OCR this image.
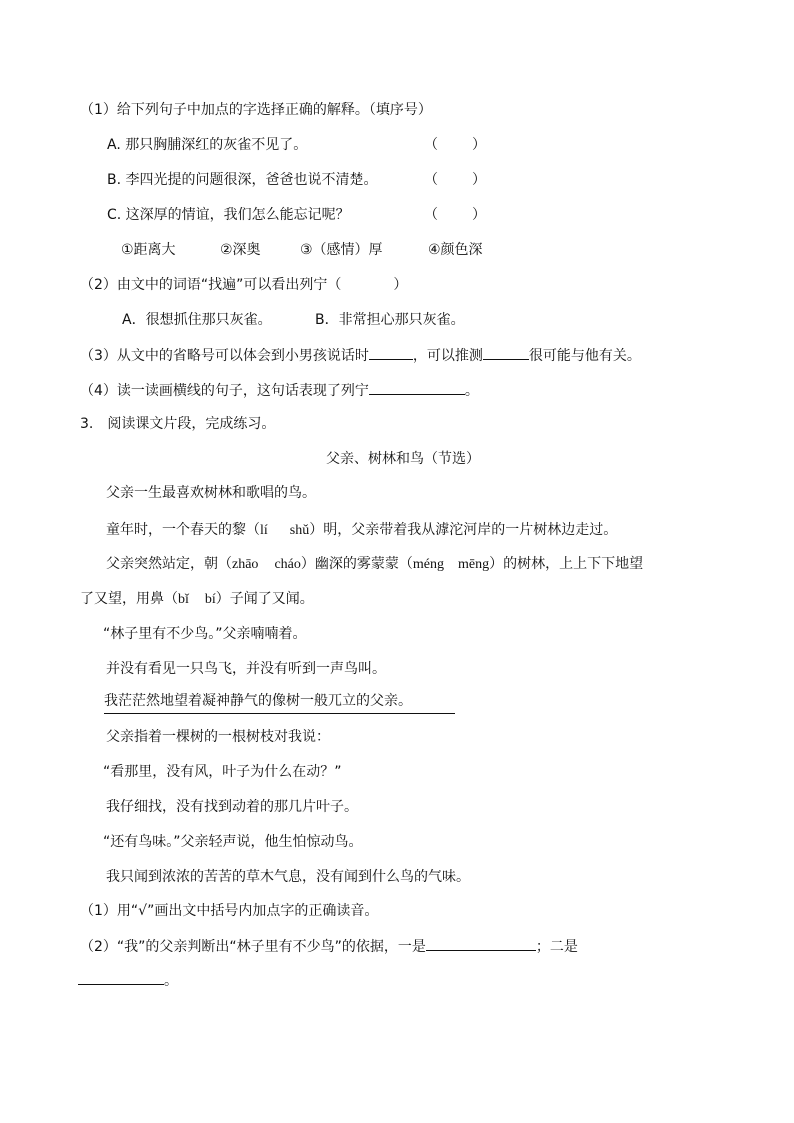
（1）给下列句子中加点的字选择正确的解释。（填序号）
A. 那只胸脯深红的灰雀不见了。	（ ）
B. 李四光提的问题很深，爸爸也说不清楚。	（ ）
C. 这深厚的情谊，我们怎么能忘记呢？	（ ）
①距离大	②深奥	③（感情）厚	④颜色深
（2）由文中的词语“找遍”可以看出列宁（	）
A．很想抓住那只灰雀。	B．非常担心那只灰雀。
（3）从文中的省略号可以体会到小男孩说话时	，可以推测	很可能与他有关。
（4）读一读画横线的句子，这句话表现了列宁	。
3. 阅读课文片段，完成练习。
父亲、树林和鸟（节选）
父亲一生最喜欢树林和歌唱的鸟。
童年时，一个春天的黎（lí shǔ）明，父亲带着我从滹沱河岸的一片树林边走过。
父亲突然站定，朝（zhāo cháo）幽深的雾蒙蒙（méng mēng）的树林，上上下下地望
了又望，用鼻（bǐ bí）子闻了又闻。
“林子里有不少鸟。”父亲喃喃着。
并没有看见一只鸟飞，并没有听到一声鸟叫。
我茫茫然地望着凝神静气的像树一般兀立的父亲。
父亲指着一棵树的一根树枝对我说：
“看那里，没有风，叶子为什么在动？”
我仔细找，没有找到动着的那几片叶子。
“还有鸟味。”父亲轻声说，他生怕惊动鸟。
我只闻到浓浓的苦苦的草木气息，没有闻到什么鸟的气味。
（1）用“√”画出文中括号内加点字的正确读音。
（2）“我”的父亲判断出“林子里有不少鸟”的依据，一是	；二是
。
